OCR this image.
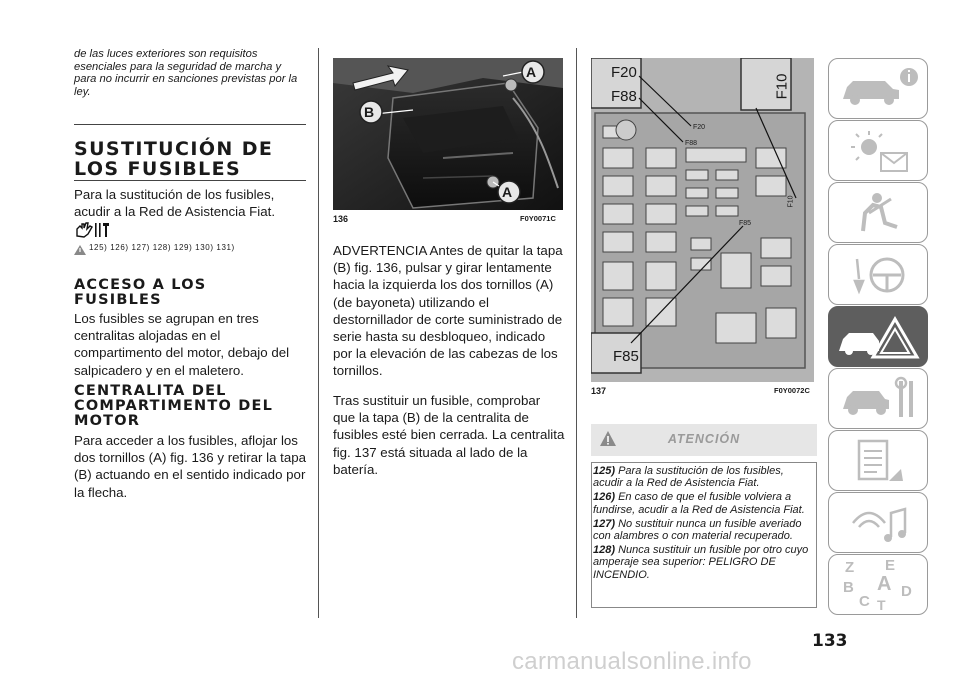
de las luces exteriores son requisitos esenciales para la seguridad de marcha y para no incurrir en sanciones previstas por la ley.
SUSTITUCIÓN DE
LOS FUSIBLES
Para la sustitución de los fusibles, acudir a la Red de Asistencia Fiat.
125) 126) 127) 128) 129) 130) 131)
ACCESO A LOS
FUSIBLES
Los fusibles se agrupan en tres centralitas alojadas en el compartimento del motor, debajo del salpicadero y en el maletero.
CENTRALITA DEL
COMPARTIMENTO DEL
MOTOR
Para acceder a los fusibles, aflojar los dos tornillos (A) fig. 136 y retirar la tapa (B) actuando en el sentido indicado por la flecha.
A
B
A
136	F0Y0071C
ADVERTENCIA Antes de quitar la tapa (B) fig. 136, pulsar y girar lentamente hacia la izquierda los dos tornillos (A) (de bayoneta) utilizando el destornillador de corte suministrado de serie hasta su desbloqueo, indicado por la elevación de las cabezas de los tornillos.
Tras sustituir un fusible, comprobar que la tapa (B) de la centralita de fusibles esté bien cerrada. La centralita fig. 137 está situada al lado de la batería.
F20
F88	F10
F85
F20
F88
F10
F85
137	F0Y0072C
ATENCIÓN
125) Para la sustitución de los fusibles, acudir a la Red de Asistencia Fiat.
126) En caso de que el fusible volviera a fundirse, acudir a la Red de Asistencia Fiat.
127) No sustituir nunca un fusible averiado con alambres o con material recuperado.
128) Nunca sustituir un fusible por otro cuyo amperaje sea superior: PELIGRO DE INCENDIO.	Z E
B A D
C T
133
carmanualsonline.info
